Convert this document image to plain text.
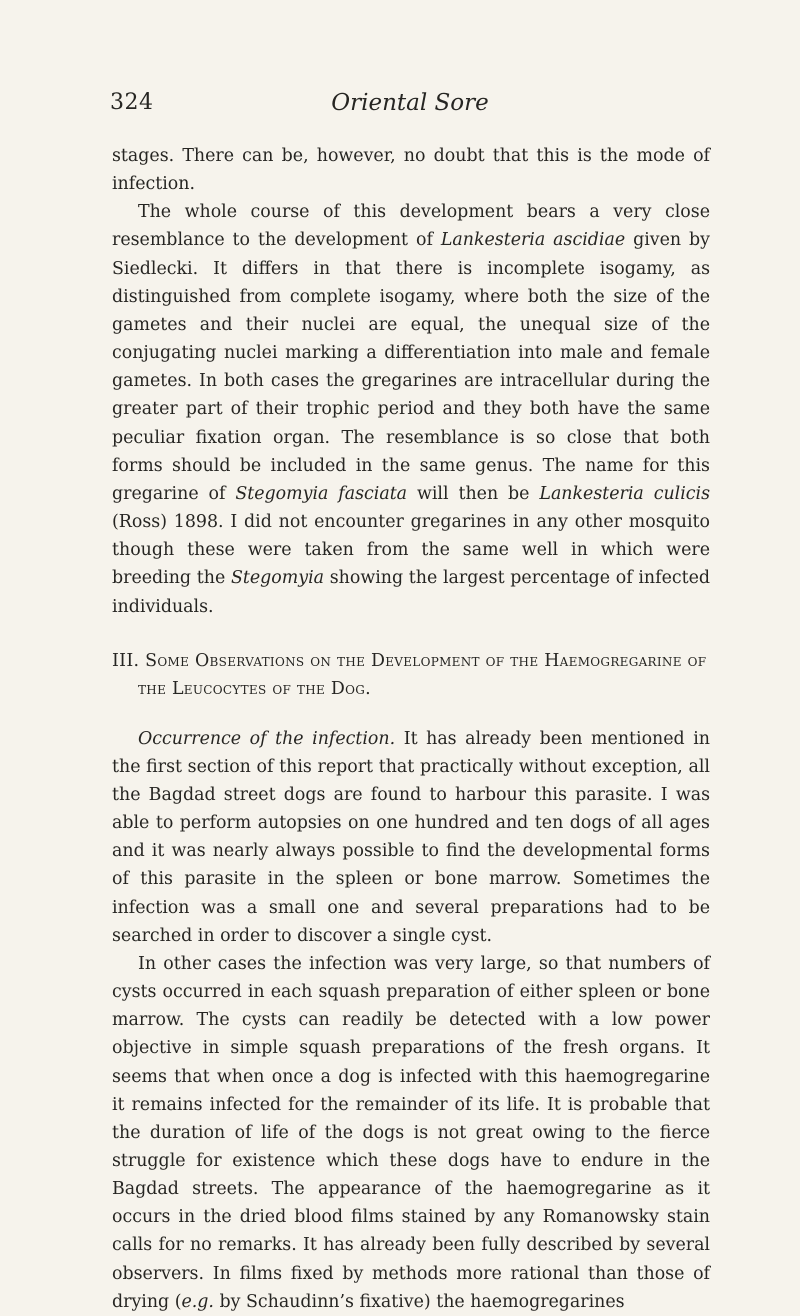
324	Oriental Sore

stages. There can be, however, no doubt that this is the mode of infection.

The whole course of this development bears a very close resemblance to the development of Lankesteria ascidiae given by Siedlecki. It differs in that there is incomplete isogamy, as distinguished from complete isogamy, where both the size of the gametes and their nuclei are equal, the unequal size of the conjugating nuclei marking a differentiation into male and female gametes. In both cases the gregarines are intracellular during the greater part of their trophic period and they both have the same peculiar fixation organ. The resemblance is so close that both forms should be included in the same genus. The name for this gregarine of Stegomyia fasciata will then be Lankesteria culicis (Ross) 1898. I did not encounter gregarines in any other mosquito though these were taken from the same well in which were breeding the Stegomyia showing the largest percentage of infected individuals.

III. Some Observations on the Development of the Haemogregarine of the Leucocytes of the Dog.

Occurrence of the infection. It has already been mentioned in the first section of this report that practically without exception, all the Bagdad street dogs are found to harbour this parasite. I was able to perform autopsies on one hundred and ten dogs of all ages and it was nearly always possible to find the developmental forms of this parasite in the spleen or bone marrow. Sometimes the infection was a small one and several preparations had to be searched in order to discover a single cyst.

In other cases the infection was very large, so that numbers of cysts occurred in each squash preparation of either spleen or bone marrow. The cysts can readily be detected with a low power objective in simple squash preparations of the fresh organs. It seems that when once a dog is infected with this haemogregarine it remains infected for the remainder of its life. It is probable that the duration of life of the dogs is not great owing to the fierce struggle for existence which these dogs have to endure in the Bagdad streets. The appearance of the haemogregarine as it occurs in the dried blood films stained by any Romanowsky stain calls for no remarks. It has already been fully described by several observers. In films fixed by methods more rational than those of drying (e.g. by Schaudinn’s fixative) the haemogregarines
